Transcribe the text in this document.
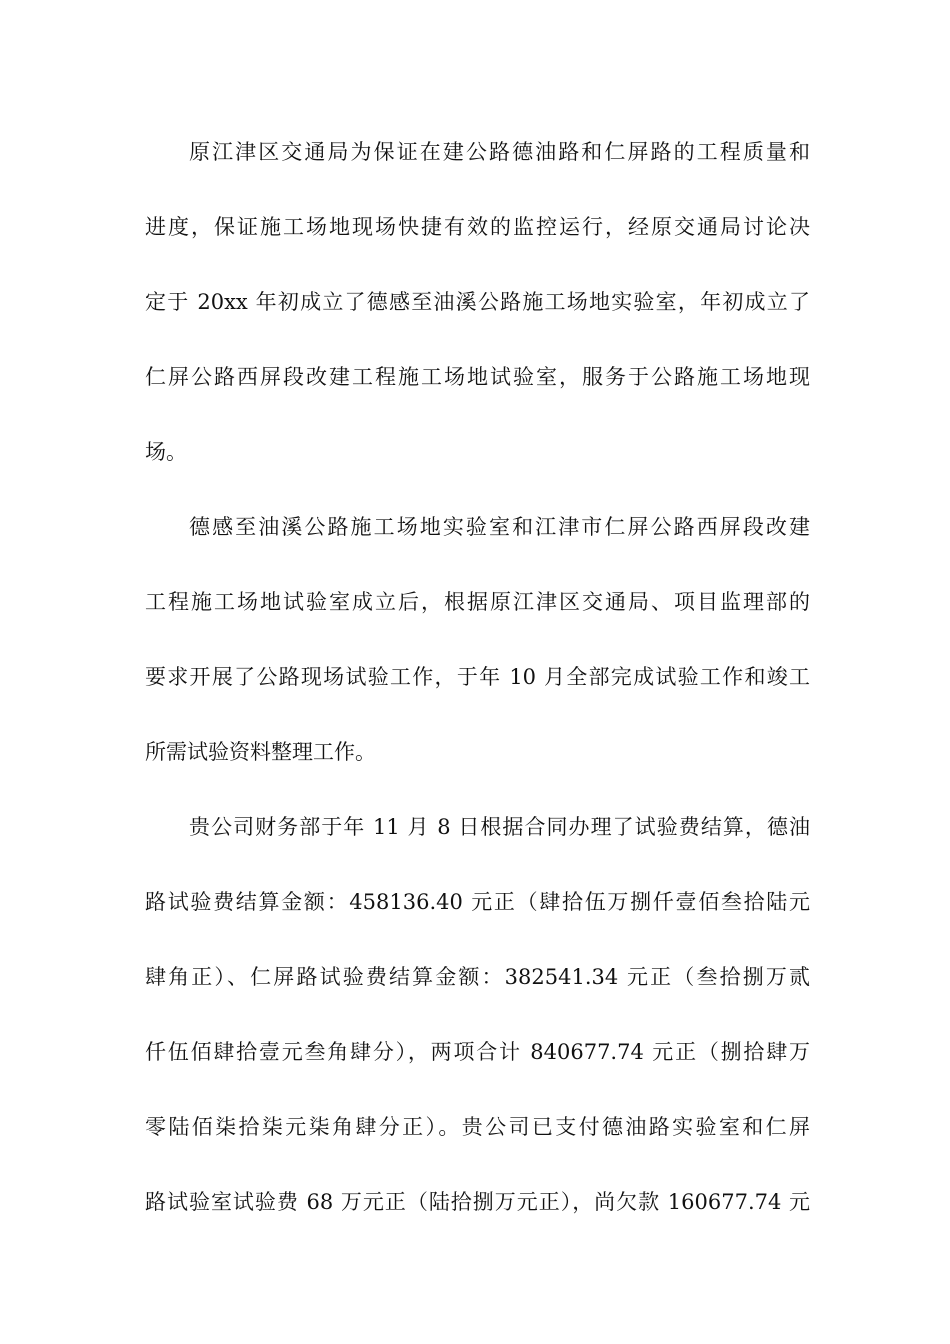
原江津区交通局为保证在建公路德油路和仁屏路的工程质量和
进度，保证施工场地现场快捷有效的监控运行，经原交通局讨论决
定于 20xx 年初成立了德感至油溪公路施工场地实验室，年初成立了
仁屏公路西屏段改建工程施工场地试验室，服务于公路施工场地现
场。
德感至油溪公路施工场地实验室和江津市仁屏公路西屏段改建
工程施工场地试验室成立后，根据原江津区交通局、项目监理部的
要求开展了公路现场试验工作，于年 10 月全部完成试验工作和竣工
所需试验资料整理工作。
贵公司财务部于年 11 月 8 日根据合同办理了试验费结算，德油
路试验费结算金额：458136.40 元正（肆拾伍万捌仟壹佰叁拾陆元
肆角正）、仁屏路试验费结算金额：382541.34 元正（叁拾捌万贰
仟伍佰肆拾壹元叁角肆分），两项合计 840677.74 元正（捌拾肆万
零陆佰柒拾柒元柒角肆分正）。贵公司已支付德油路实验室和仁屏
路试验室试验费 68 万元正（陆拾捌万元正），尚欠款 160677.74 元
